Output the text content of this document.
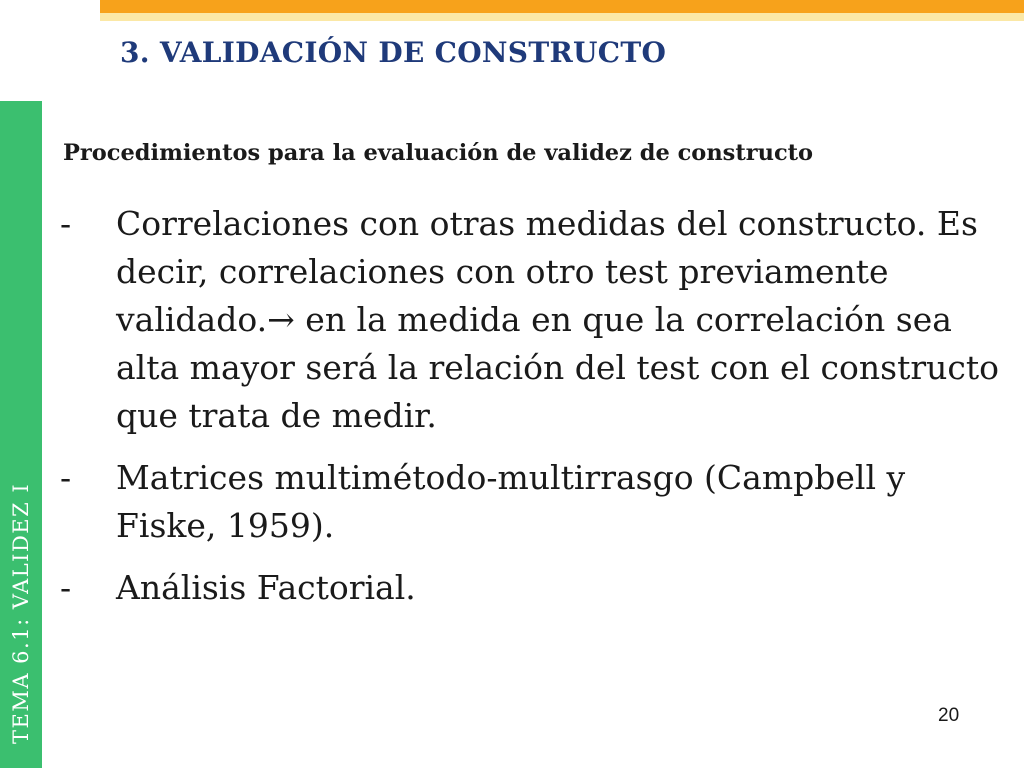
3. VALIDACIÓN DE CONSTRUCTO
TEMA 6.1: VALIDEZ I
Procedimientos para la evaluación de validez de constructo
-	Correlaciones con otras medidas del constructo. Es decir, correlaciones con otro test previamente validado.→ en la medida en que la correlación sea alta mayor será la relación del test con el constructo que trata de medir.
-	Matrices multimétodo-multirrasgo (Campbell y Fiske, 1959).
-	Análisis Factorial.
20
